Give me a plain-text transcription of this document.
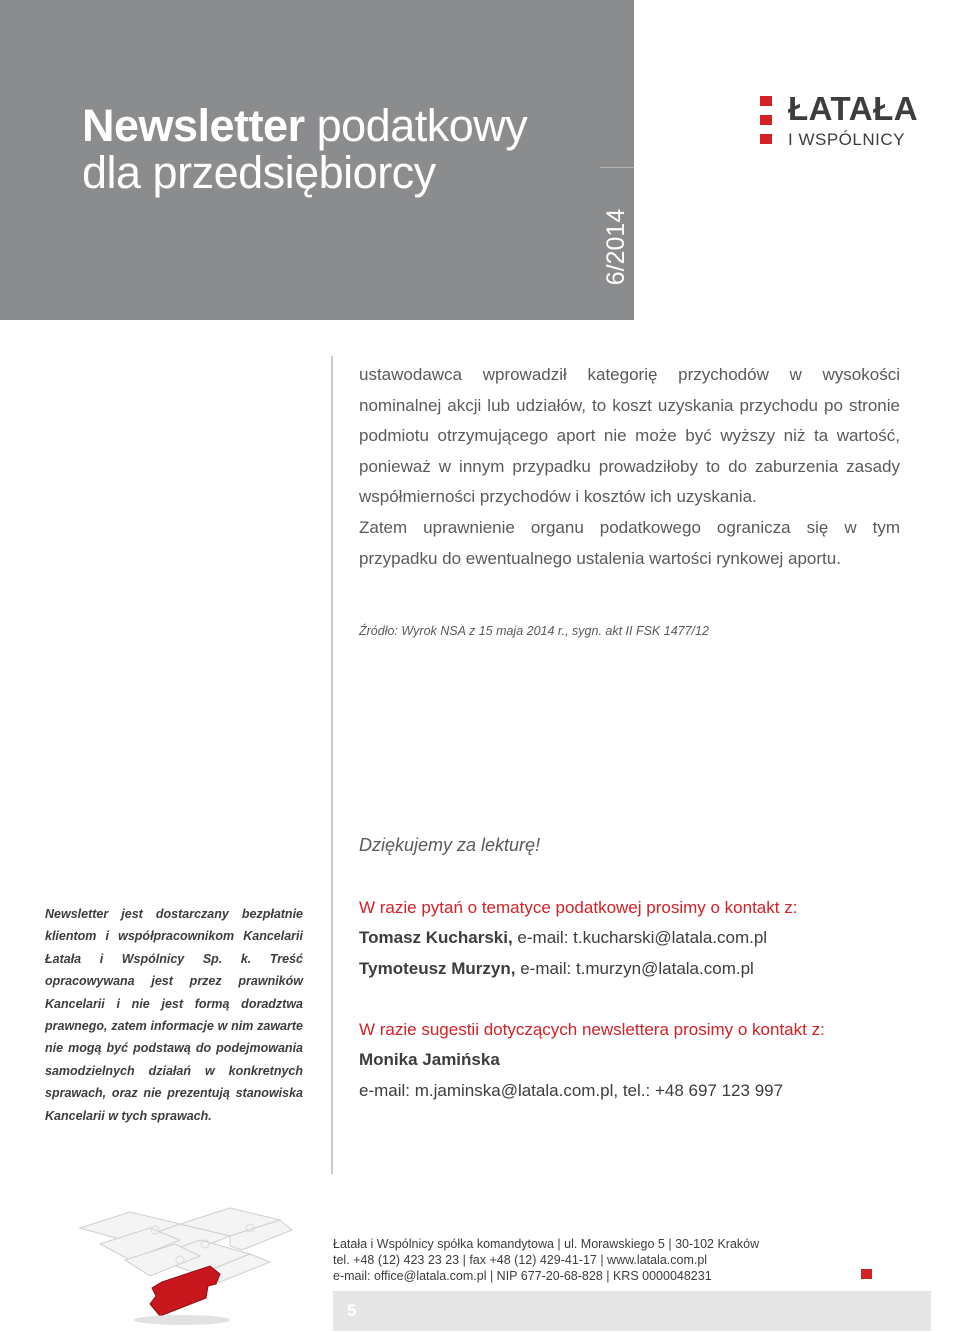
Newsletter podatkowy
dla przedsiębiorcy
6/2014
ŁATAŁA
I WSPÓLNICY

ustawodawca wprowadził kategorię przychodów w wysokości nominalnej akcji lub udziałów, to koszt uzyskania przychodu po stronie podmiotu otrzymującego aport nie może być wyższy niż ta wartość, ponieważ w innym przypadku prowadziłoby to do zaburzenia zasady współmierności przychodów i kosztów ich uzyskania.

Zatem uprawnienie organu podatkowego ogranicza się w tym przypadku do ewentualnego ustalenia wartości rynkowej aportu.

Źródło: Wyrok NSA z 15 maja 2014 r., sygn. akt II FSK 1477/12
Dziękujemy za lekturę!
Newsletter jest dostarczany bezpłatnie klientom i współpracownikom Kancelarii Łatała i Wspólnicy Sp. k. Treść opracowywana jest przez prawników Kancelarii i nie jest formą doradztwa prawnego, zatem informacje w nim zawarte nie mogą być podstawą do podejmowania samodzielnych działań w konkretnych sprawach, oraz nie prezentują stanowiska Kancelarii w tych sprawach.
W razie pytań o tematyce podatkowej prosimy o kontakt z:
Tomasz Kucharski, e-mail: t.kucharski@latala.com.pl
Tymoteusz Murzyn, e-mail: t.murzyn@latala.com.pl
W razie sugestii dotyczących newslettera prosimy o kontakt z:
Monika Jamińska
e-mail: m.jaminska@latala.com.pl, tel.: +48 697 123 997
Łatała i Wspólnicy spółka komandytowa | ul. Morawskiego 5 | 30-102 Kraków
tel. +48 (12) 423 23 23 | fax +48 (12) 429-41-17 | www.latala.com.pl
e-mail: office@latala.com.pl | NIP 677-20-68-828 | KRS 0000048231
5
